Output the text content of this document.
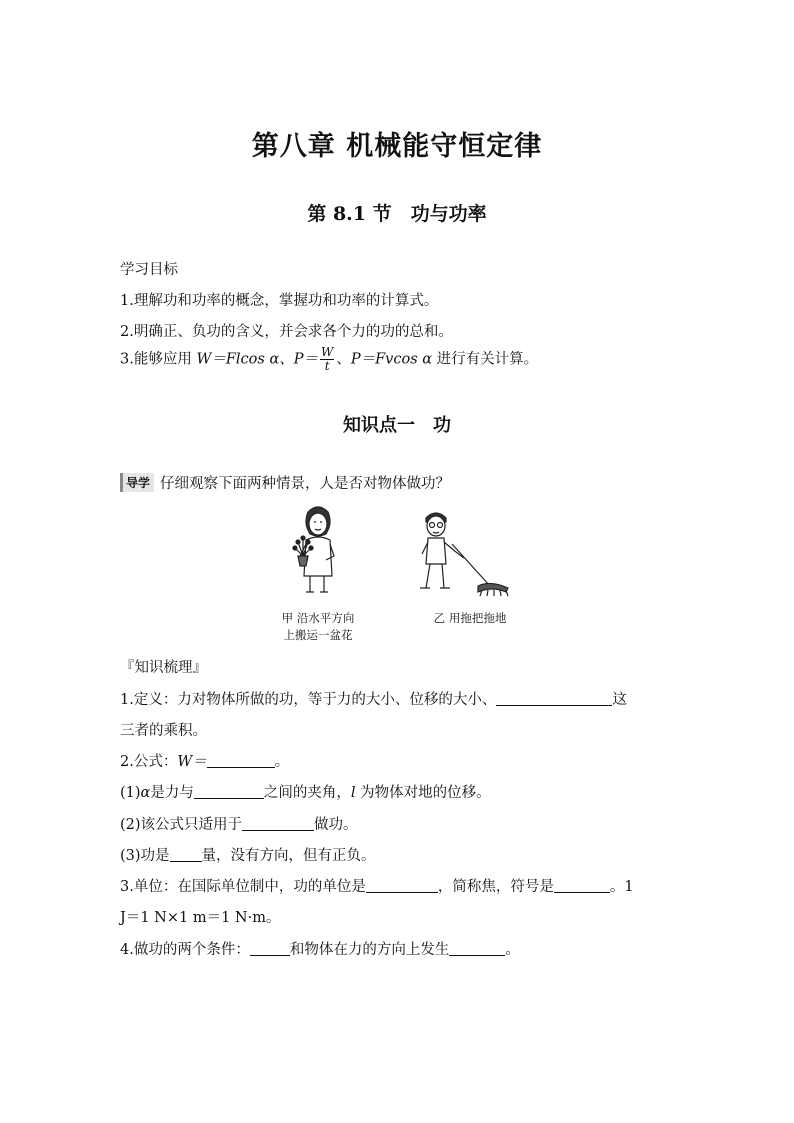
第八章 机械能守恒定律
第 8.1 节　功与功率
学习目标
1.理解功和功率的概念，掌握功和功率的计算式。
2.明确正、负功的含义，并会求各个力的功的总和。
3.能够应用 W＝Flcos α、$P= \frac{W}{t}$ 、P＝Fvcos α 进行有关计算。
知识点一　功
导学 仔细观察下面两种情景，人是否对物体做功？
甲 沿水平方向
上搬运一盆花
乙 用拖把拖地
『知识梳理』
1.定义：力对物体所做的功，等于力的大小、位移的大小、	这
三者的乘积。
2.公式：W＝	。
(1)α是力与	之间的夹角，l 为物体对地的位移。
(2)该公式只适用于	做功。
(3)功是 量，没有方向，但有正负。
3.单位：在国际单位制中，功的单位是	，简称焦，符号是	。1
J＝1 N×1 m＝1 N·m。
4.做功的两个条件：	和物体在力的方向上发生	。
